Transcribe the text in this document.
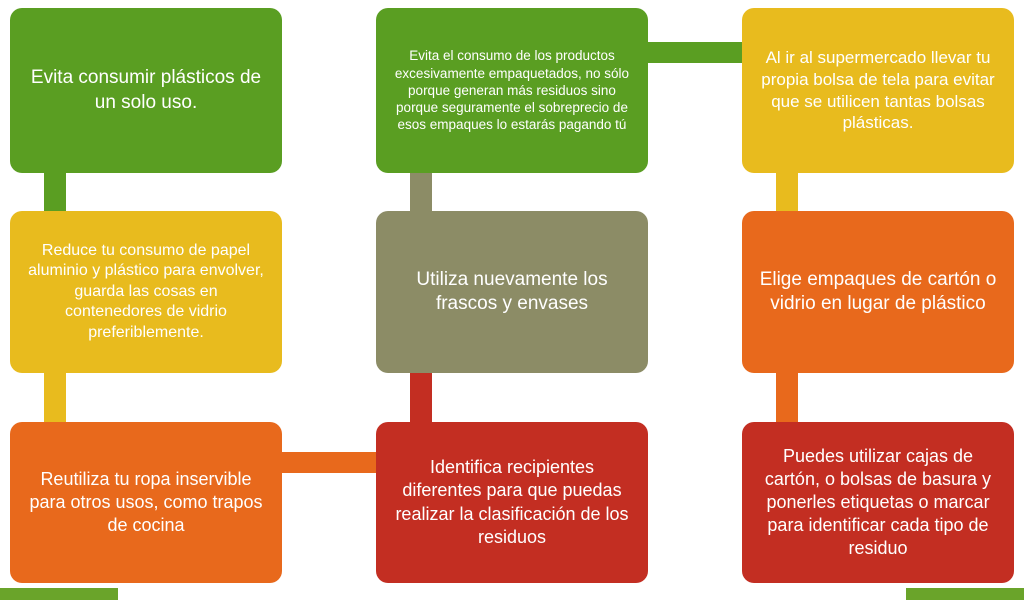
Evita consumir plásticos de un solo uso.
Evita el consumo de los productos excesivamente empaquetados, no sólo porque generan más residuos sino porque seguramente el sobreprecio de esos empaques lo estarás pagando tú
Al ir al supermercado llevar tu propia bolsa de tela para evitar que se utilicen tantas bolsas plásticas.
Reduce tu consumo de papel aluminio y plástico para envolver, guarda las cosas en contenedores de vidrio preferiblemente.
Utiliza nuevamente los frascos y envases
Elige empaques de cartón o vidrio en lugar de plástico
Reutiliza tu ropa inservible para otros usos, como trapos de cocina
Identifica recipientes diferentes para que puedas realizar la clasificación de los residuos
Puedes utilizar cajas de cartón, o bolsas de basura y ponerles etiquetas o marcar para identificar cada tipo de residuo
